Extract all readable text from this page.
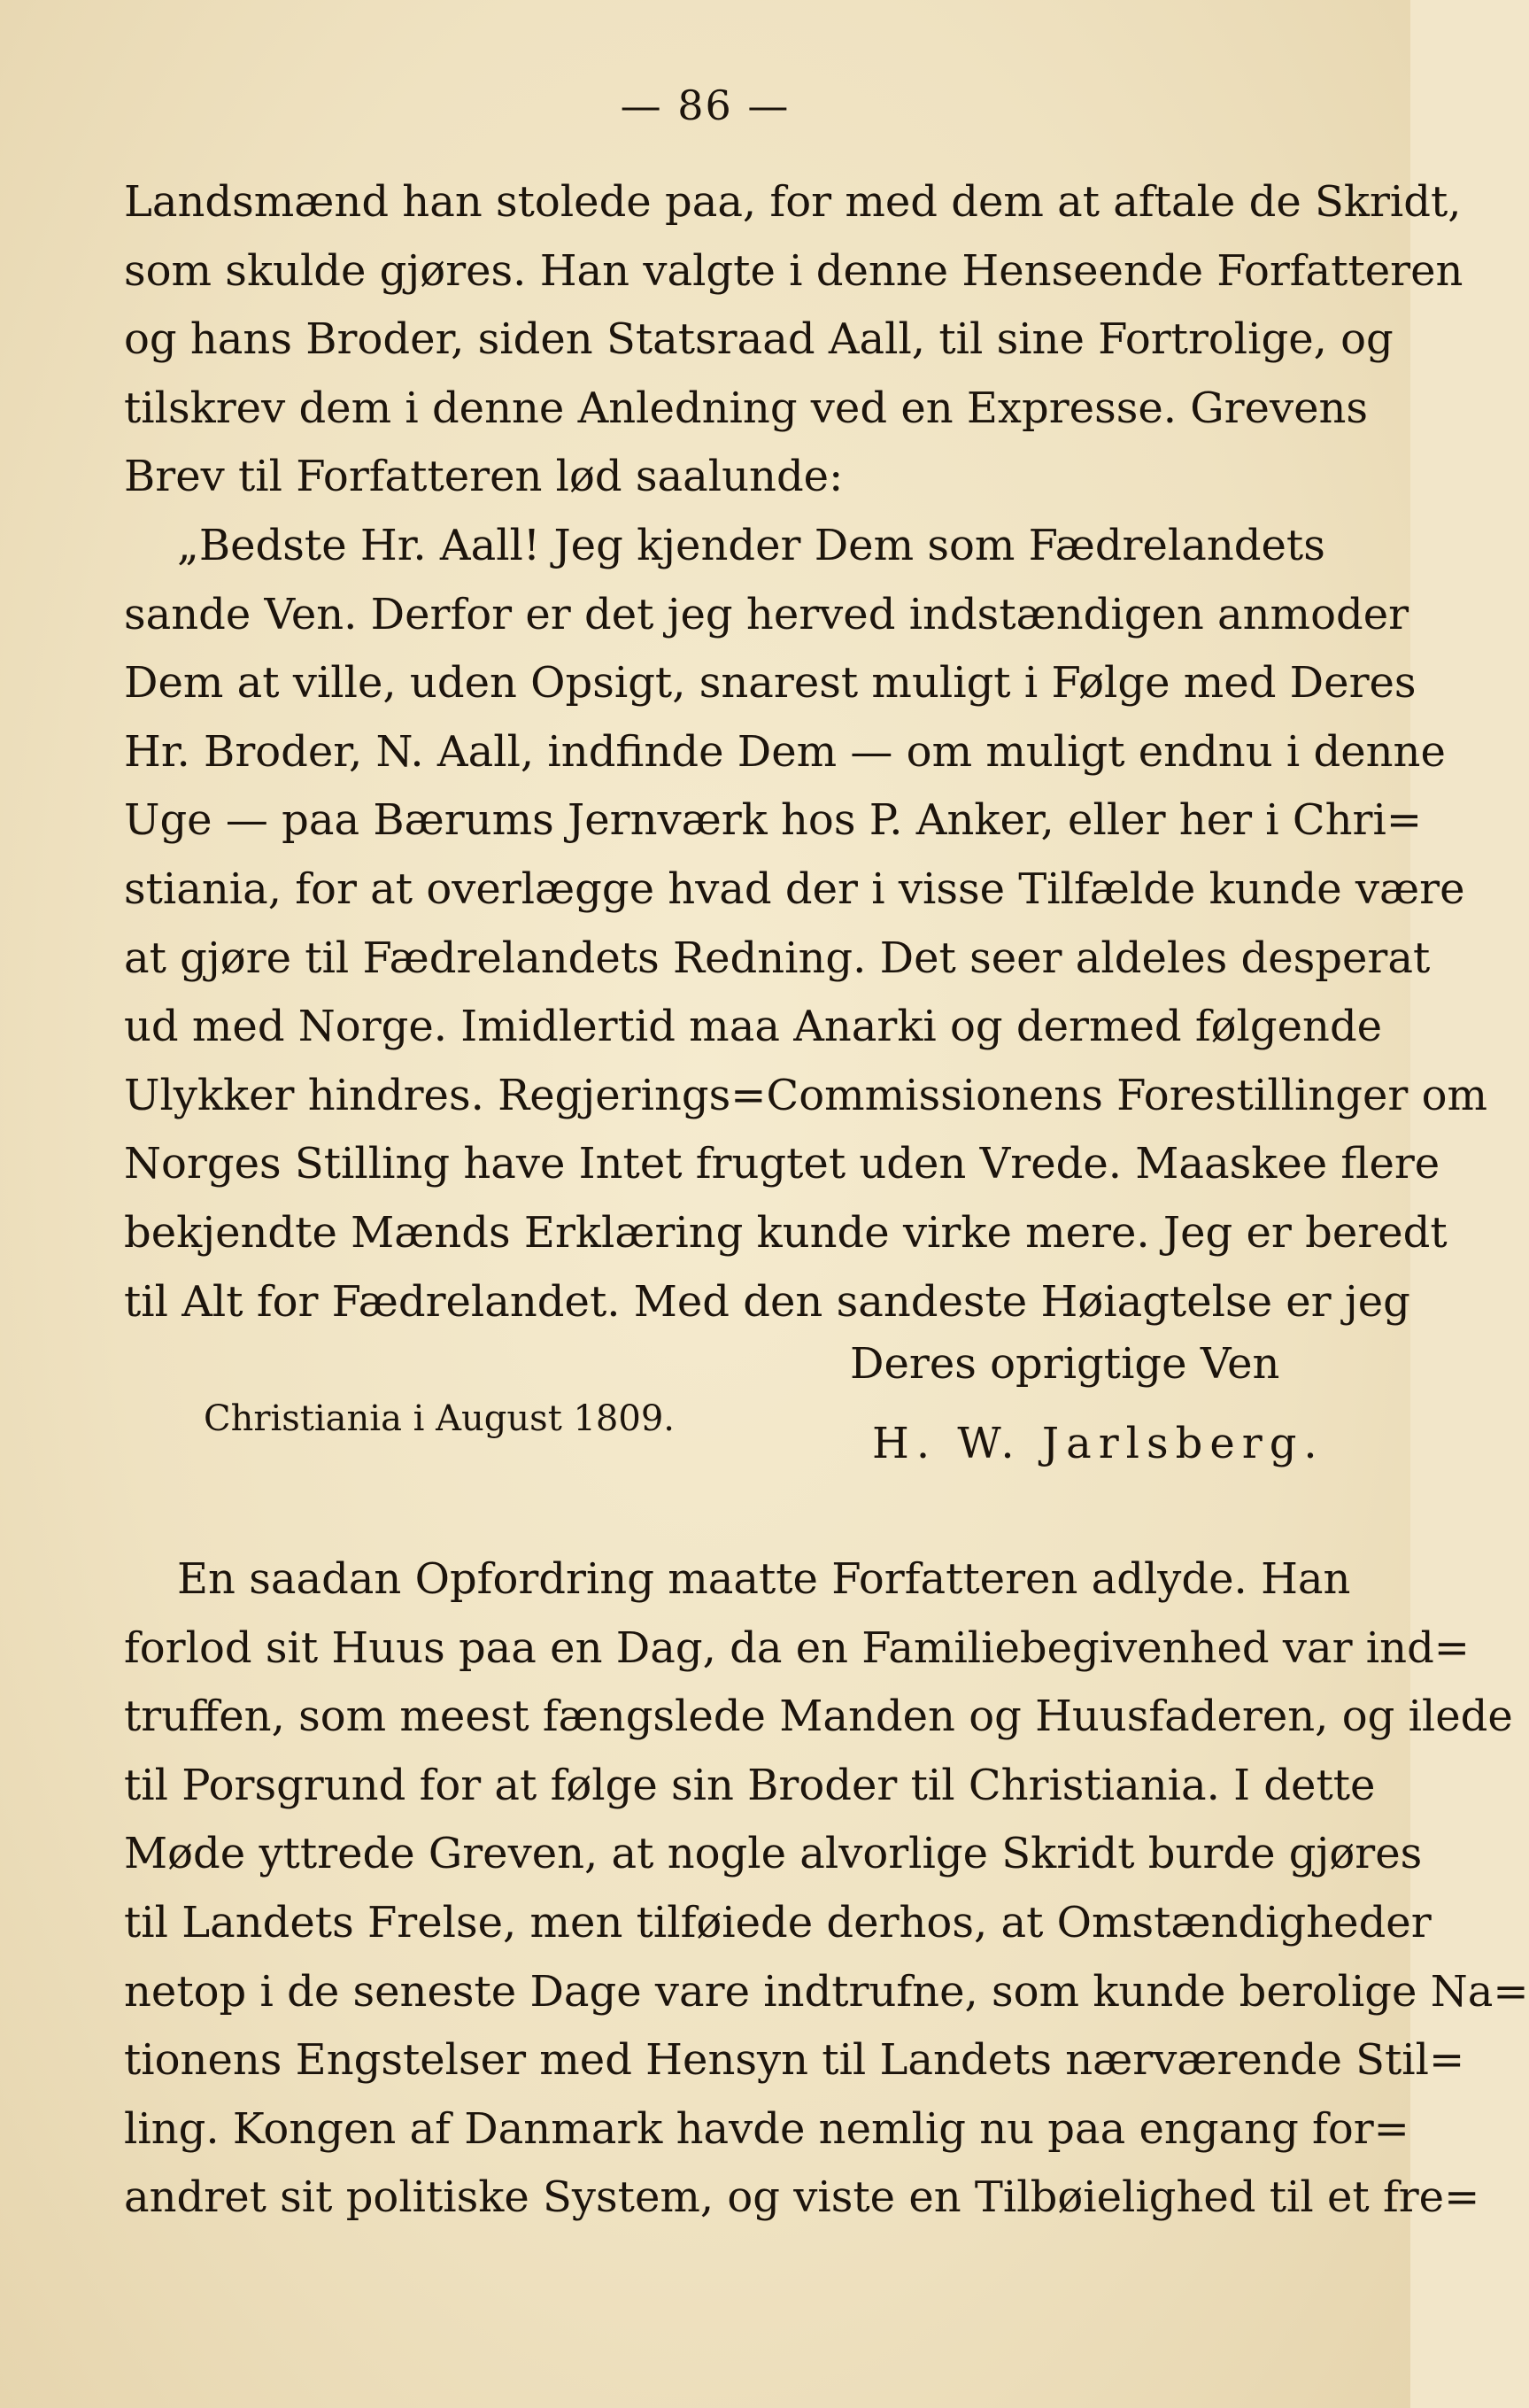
— 86 —
Landsmænd han stolede paa, for med dem at aftale de Skridt,
som skulde gjøres. Han valgte i denne Henseende Forfatteren
og hans Broder, siden Statsraad Aall, til sine Fortrolige, og
tilskrev dem i denne Anledning ved en Expresse. Grevens
Brev til Forfatteren lød saalunde:
„Bedste Hr. Aall! Jeg kjender Dem som Fædrelandets
sande Ven. Derfor er det jeg herved indstændigen anmoder
Dem at ville, uden Opsigt, snarest muligt i Følge med Deres
Hr. Broder, N. Aall, indfinde Dem — om muligt endnu i denne
Uge — paa Bærums Jernværk hos P. Anker, eller her i Chri=
stiania, for at overlægge hvad der i visse Tilfælde kunde være
at gjøre til Fædrelandets Redning. Det seer aldeles desperat
ud med Norge. Imidlertid maa Anarki og dermed følgende
Ulykker hindres. Regjerings=Commissionens Forestillinger om
Norges Stilling have Intet frugtet uden Vrede. Maaskee flere
bekjendte Mænds Erklæring kunde virke mere. Jeg er beredt
til Alt for Fædrelandet. Med den sandeste Høiagtelse er jeg
Deres oprigtige Ven
Christiania i August 1809.	H. W. Jarlsberg.
En saadan Opfordring maatte Forfatteren adlyde. Han
forlod sit Huus paa en Dag, da en Familiebegivenhed var ind=
truffen, som meest fængslede Manden og Huusfaderen, og ilede
til Porsgrund for at følge sin Broder til Christiania. I dette
Møde yttrede Greven, at nogle alvorlige Skridt burde gjøres
til Landets Frelse, men tilføiede derhos, at Omstændigheder
netop i de seneste Dage vare indtrufne, som kunde berolige Na=
tionens Engstelser med Hensyn til Landets nærværende Stil=
ling. Kongen af Danmark havde nemlig nu paa engang for=
andret sit politiske System, og viste en Tilbøielighed til et fre=
